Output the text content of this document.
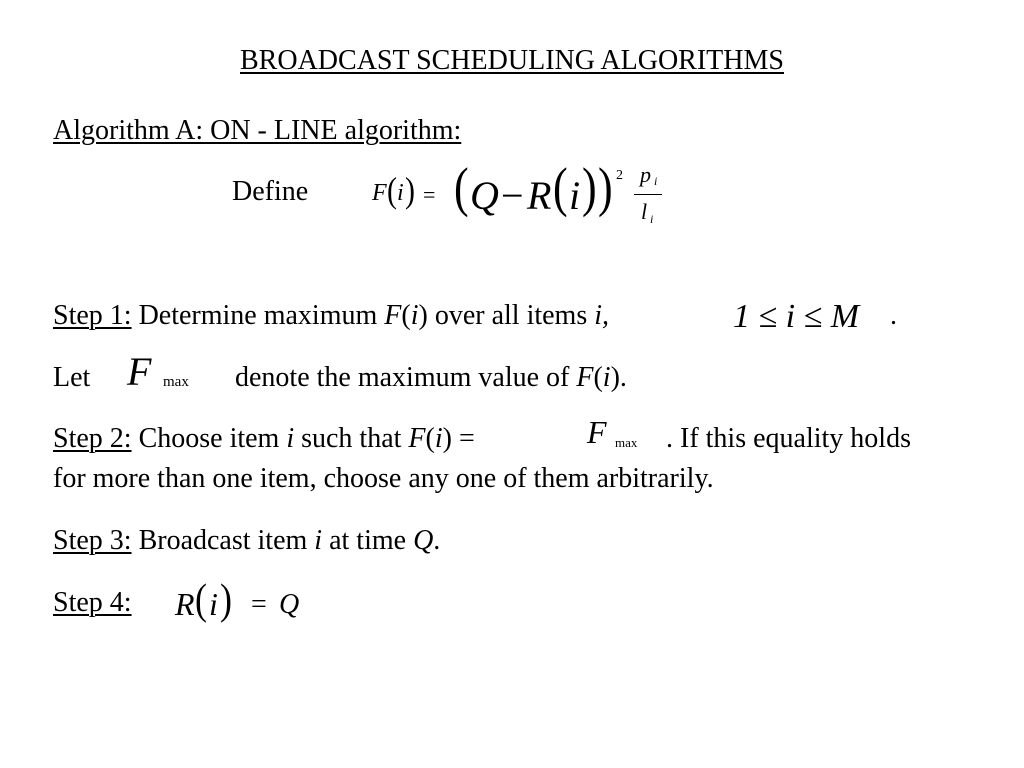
BROADCAST SCHEDULING ALGORITHMS
Algorithm A: ON - LINE algorithm:
Define	F ( i ) = ( Q − R ( i ) ) 2 p i
l i
Step 1: Determine maximum F(i) over all items i,	1 ≤ i ≤ M .
Let F max denote the maximum value of F(i).
Step 2: Choose item i such that F(i) =	F max . If this equality holds
for more than one item, choose any one of them arbitrarily.
Step 3: Broadcast item i at time Q.
Step 4: R ( i ) = Q
